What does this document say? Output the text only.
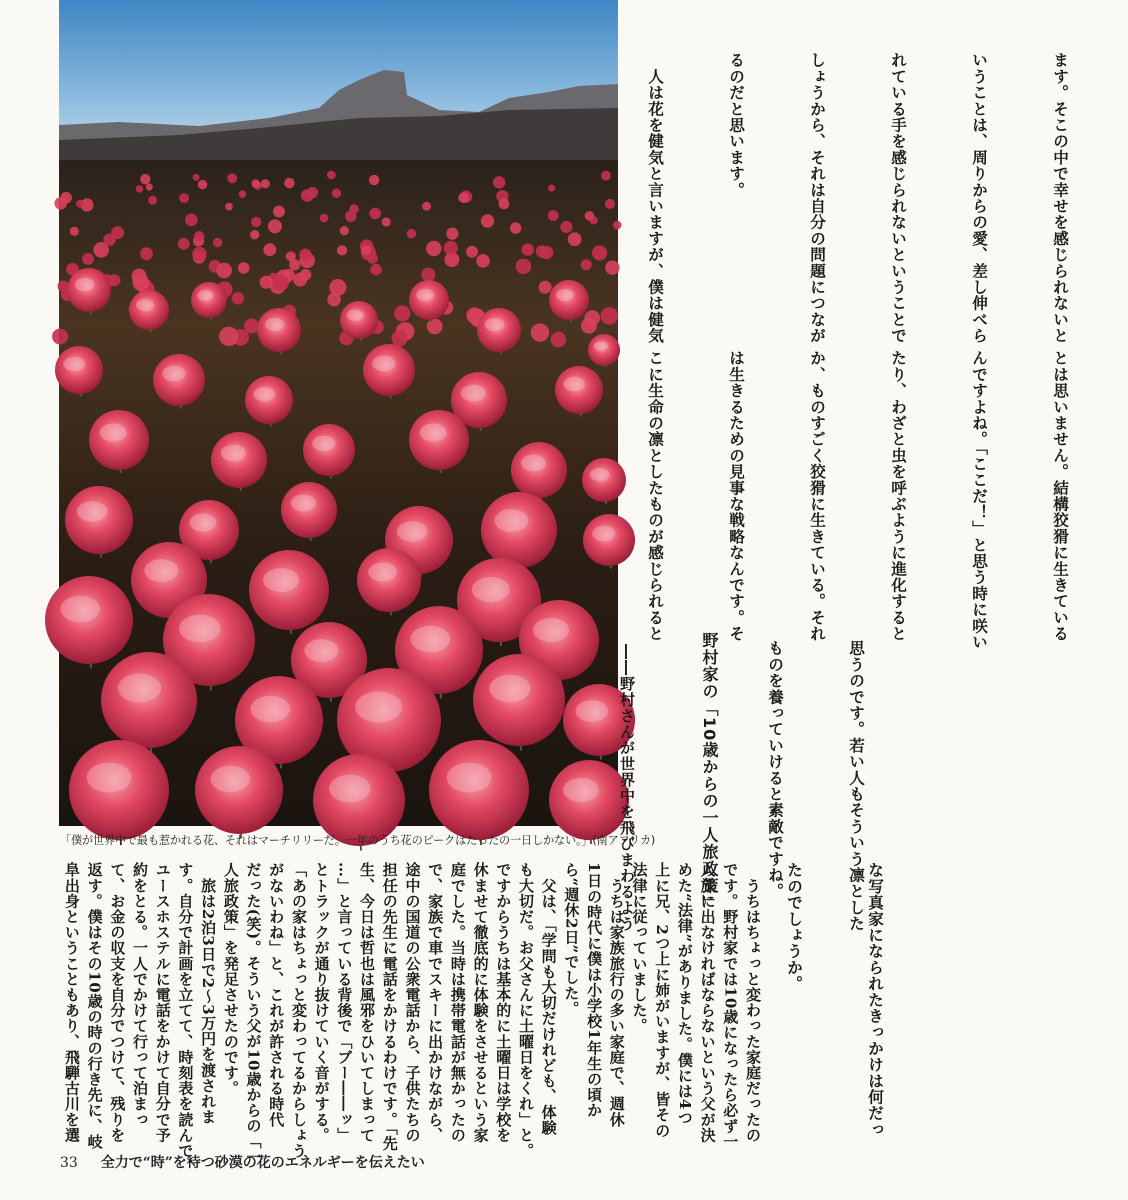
「僕が世界中で最も惹かれる花、それはマーチリリーだ。一年のうち花のピークはたったの一日しかない。」(南アフリカ)

ます。そこの中で幸せを感じられないと

いうことは、周りからの愛、差し伸べら

れている手を感じられないということで

しょうから、それは自分の問題につなが

るのだと思います。

　人は花を健気と言いますが、僕は健気

とは思いません。結構狡猾に生きている

んですよね。「ここだ！」と思う時に咲い

たり、わざと虫を呼ぶように進化すると

か、ものすごく狡猾に生きている。それ

は生きるための見事な戦略なんです。そ

こに生命の凛としたものが感じられると

思うのです。若い人もそういう凛とした

ものを養っていけると素敵ですね。

野村家の「10歳からの一人旅政策」
――野村さんが世界中を飛びまわるよう

な写真家になられたきっかけは何だっ

たのでしょうか。

　うちはちょっと変わった家庭だったの

です。野村家では10歳になったら必ず一

人旅に出なければならないという父が決

めた“法律”がありました。僕には4つ

上に兄、2つ上に姉がいますが、皆その

法律に従っていました。

　うちは家族旅行の多い家庭で、週休

1日の時代に僕は小学校1年生の頃か

ら“週休2日”でした。

　父は、「学問も大切だけれども、体験

も大切だ。お父さんに土曜日をくれ」と。

ですからうちは基本的に土曜日は学校を

休ませて徹底的に体験をさせるという家

庭でした。当時は携帯電話が無かったの

で、家族で車でスキーに出かけながら、

途中の国道の公衆電話から、子供たちの

担任の先生に電話をかけるわけです。「先

生、今日は哲也は風邪をひいてしまって

…」と言っている背後で「ブー――ッ」

とトラックが通り抜けていく音がする。

「あの家はちょっと変わってるからしょう

がないわね」と、これが許される時代

だった(笑)。そういう父が10歳からの「一

人旅政策」を発足させたのです。

　旅は2泊3日で2〜3万円を渡されま

す。自分で計画を立てて、時刻表を読んで、

ユースホステルに電話をかけて自分で予

約をとる。一人でかけて行って泊まっ

て、お金の収支を自分でつけて、残りを

返す。僕はその10歳の時の行き先に、岐

阜出身ということもあり、飛騨古川を選

33 全力で“時”を待つ砂漠の花のエネルギーを伝えたい
